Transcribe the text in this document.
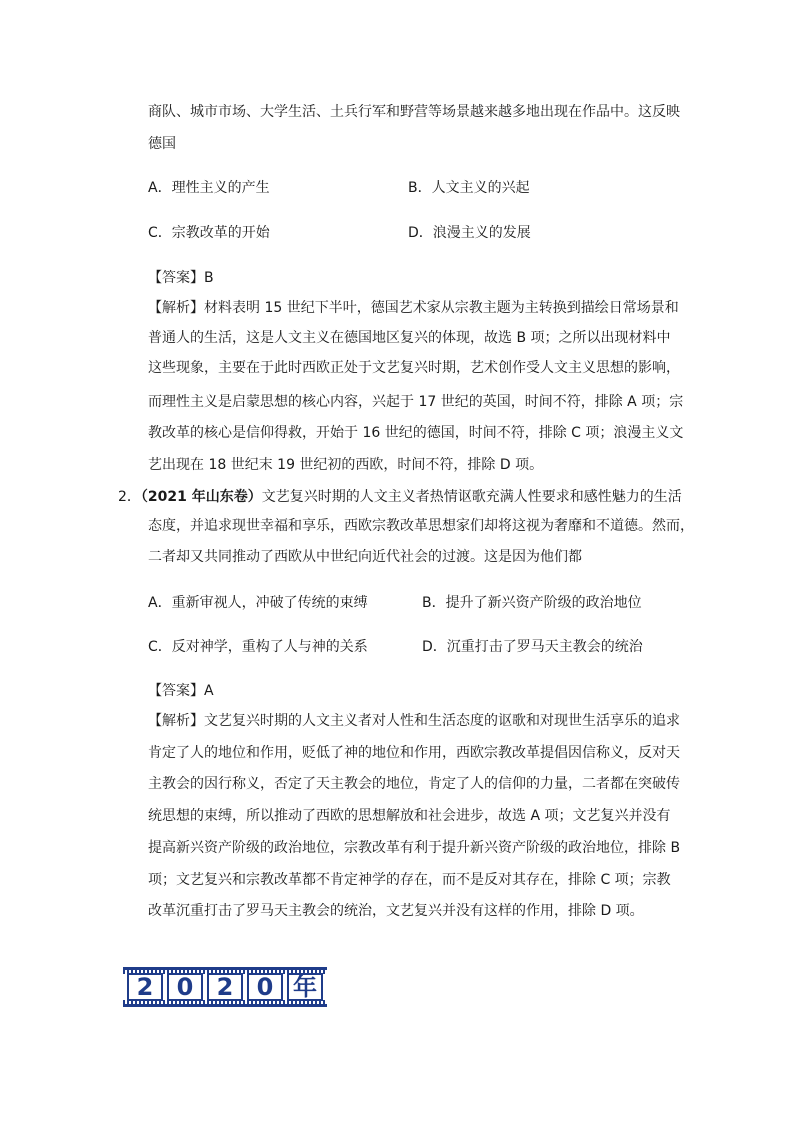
商队、城市市场、大学生活、土兵行军和野营等场景越来越多地出现在作品中。这反映
德国
A．理性主义的产生	B．人文主义的兴起
C．宗教改革的开始	D．浪漫主义的发展
【答案】B
【解析】材料表明 15 世纪下半叶，德国艺术家从宗教主题为主转换到描绘日常场景和
普通人的生活，这是人文主义在德国地区复兴的体现，故选 B 项；之所以出现材料中
这些现象，主要在于此时西欧正处于文艺复兴时期，艺术创作受人文主义思想的影响，
而理性主义是启蒙思想的核心内容，兴起于 17 世纪的英国，时间不符，排除 A 项；宗
教改革的核心是信仰得救，开始于 16 世纪的德国，时间不符，排除 C 项；浪漫主义文
艺出现在 18 世纪末 19 世纪初的西欧，时间不符，排除 D 项。
2．（2021 年山东卷）文艺复兴时期的人文主义者热情讴歌充满人性要求和感性魅力的生活
态度，并追求现世幸福和享乐，西欧宗教改革思想家们却将这视为奢靡和不道德。然而，
二者却又共同推动了西欧从中世纪向近代社会的过渡。这是因为他们都
A．重新审视人，冲破了传统的束缚	B．提升了新兴资产阶级的政治地位
C．反对神学，重构了人与神的关系	D．沉重打击了罗马天主教会的统治
【答案】A
【解析】文艺复兴时期的人文主义者对人性和生活态度的讴歌和对现世生活享乐的追求
肯定了人的地位和作用，贬低了神的地位和作用，西欧宗教改革提倡因信称义，反对天
主教会的因行称义，否定了天主教会的地位，肯定了人的信仰的力量，二者都在突破传
统思想的束缚，所以推动了西欧的思想解放和社会进步，故选 A 项；文艺复兴并没有
提高新兴资产阶级的政治地位，宗教改革有利于提升新兴资产阶级的政治地位，排除 B
项；文艺复兴和宗教改革都不肯定神学的存在，而不是反对其存在，排除 C 项；宗教
改革沉重打击了罗马天主教会的统治，文艺复兴并没有这样的作用，排除 D 项。
2 0 2 0 年
